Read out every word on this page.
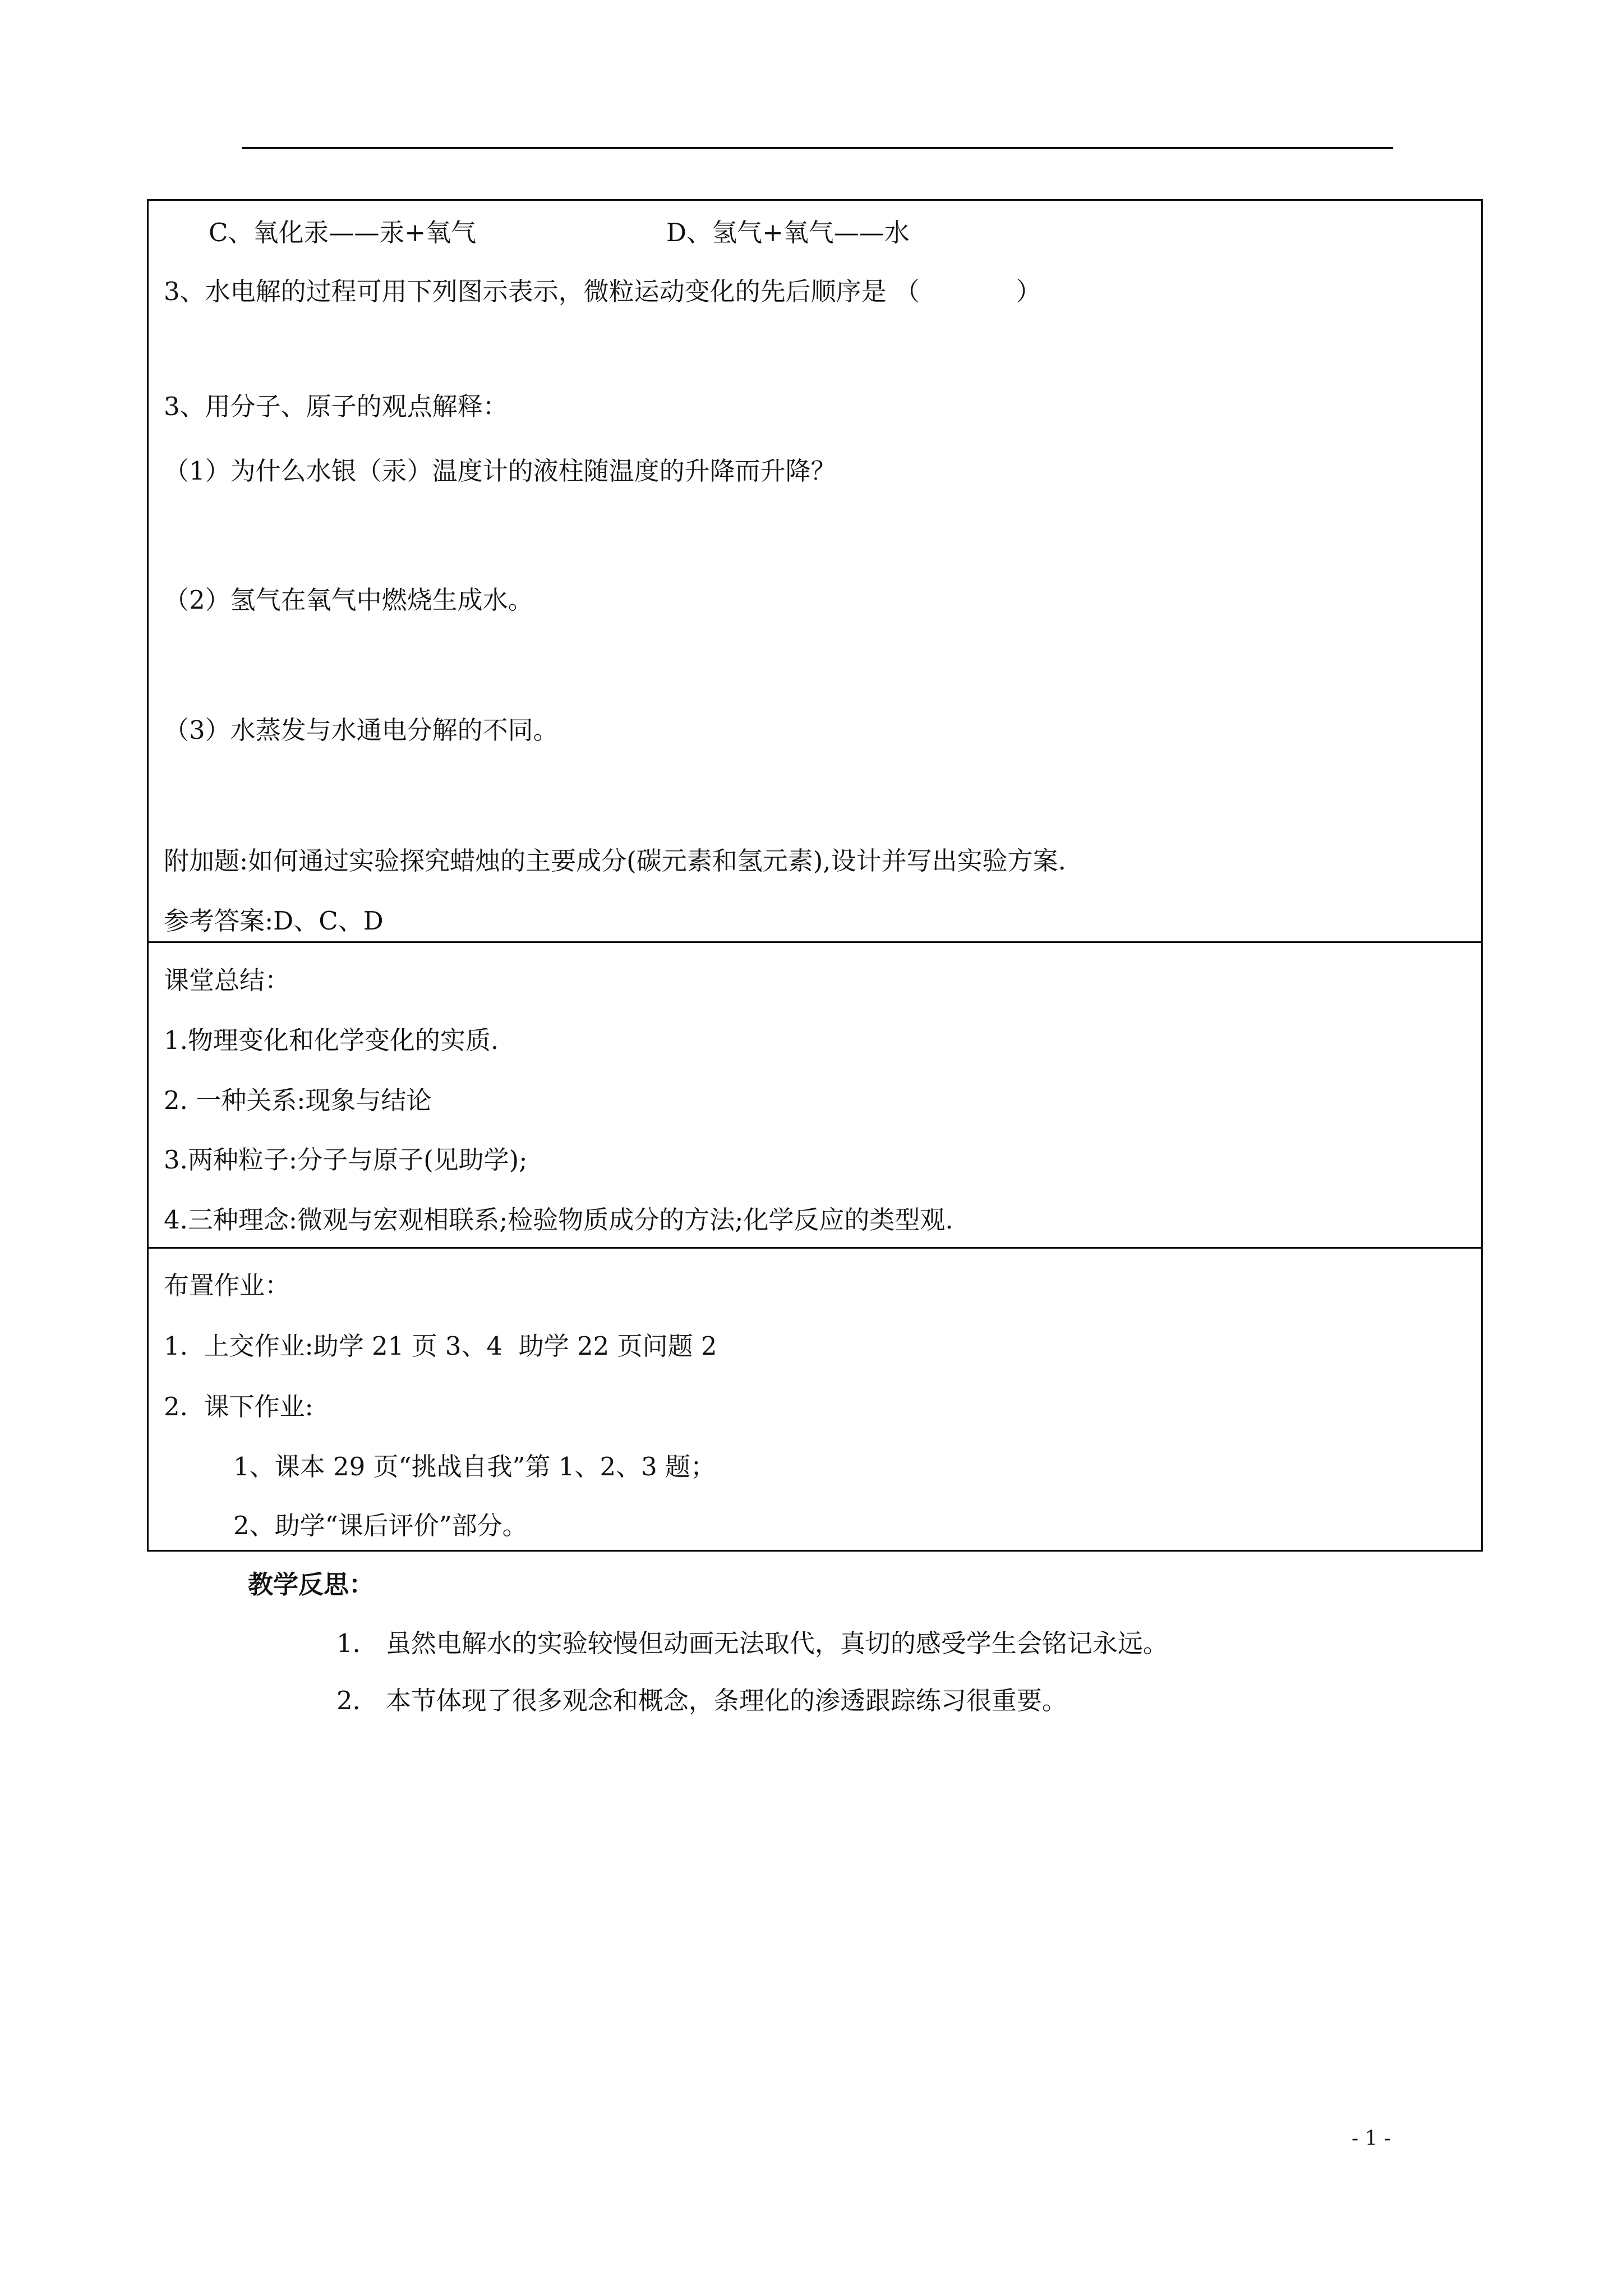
C、氧化汞——汞+氧气	D、氢气+氧气——水
3、水电解的过程可用下列图示表示，微粒运动变化的先后顺序是 （            ）
3、用分子、原子的观点解释：
（1）为什么水银（汞）温度计的液柱随温度的升降而升降？
（2）氢气在氧气中燃烧生成水。
（3）水蒸发与水通电分解的不同。
附加题:如何通过实验探究蜡烛的主要成分(碳元素和氢元素),设计并写出实验方案.
参考答案:D、C、D
课堂总结：
1.物理变化和化学变化的实质.
2. 一种关系:现象与结论
3.两种粒子:分子与原子(见助学);
4.三种理念:微观与宏观相联系;检验物质成分的方法;化学反应的类型观.
布置作业：
1.  上交作业:助学 21 页 3、4  助学 22 页问题 2
2.  课下作业:
1、课本 29 页“挑战自我”第 1、2、3 题；
2、助学“课后评价”部分。
教学反思：
1． 虽然电解水的实验较慢但动画无法取代，真切的感受学生会铭记永远。
2． 本节体现了很多观念和概念，条理化的渗透跟踪练习很重要。
- 1 -
